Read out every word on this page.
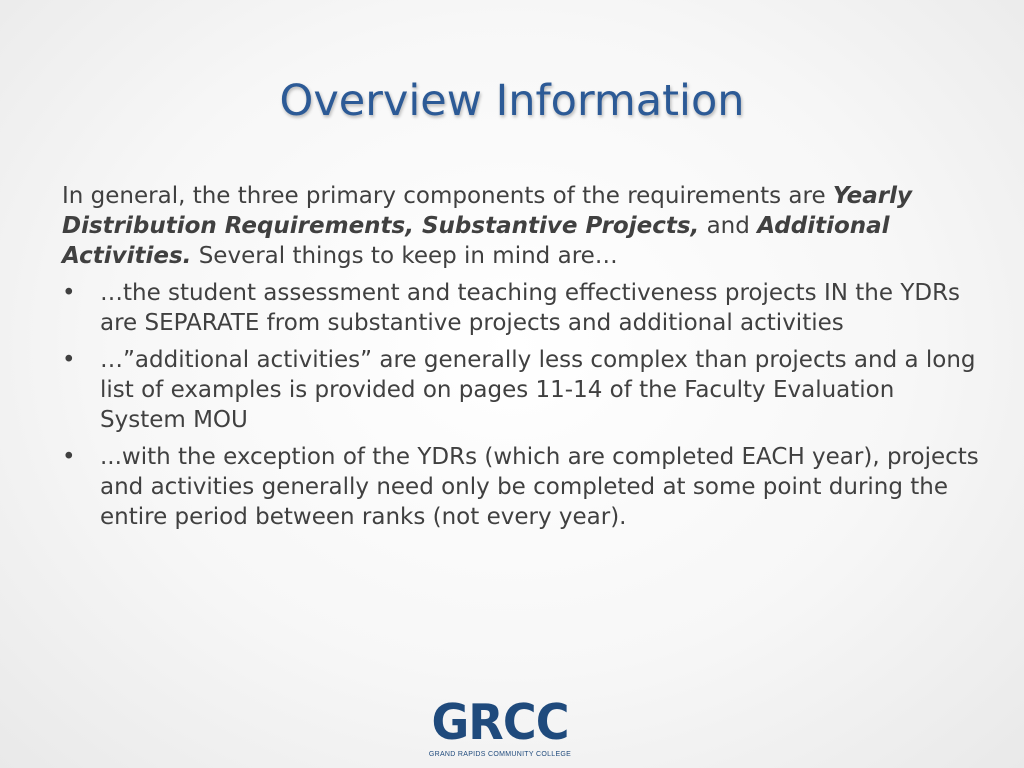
Overview Information

In general, the three primary components of the requirements are Yearly Distribution Requirements, Substantive Projects, and Additional Activities. Several things to keep in mind are…

• …the student assessment and teaching effectiveness projects IN the YDRs are SEPARATE from substantive projects and additional activities
• …”additional activities” are generally less complex than projects and a long list of examples is provided on pages 11-14 of the Faculty Evaluation System MOU
• ...with the exception of the YDRs (which are completed EACH year), projects and activities generally need only be completed at some point during the entire period between ranks (not every year).
GRCC
GRAND RAPIDS COMMUNITY COLLEGE
